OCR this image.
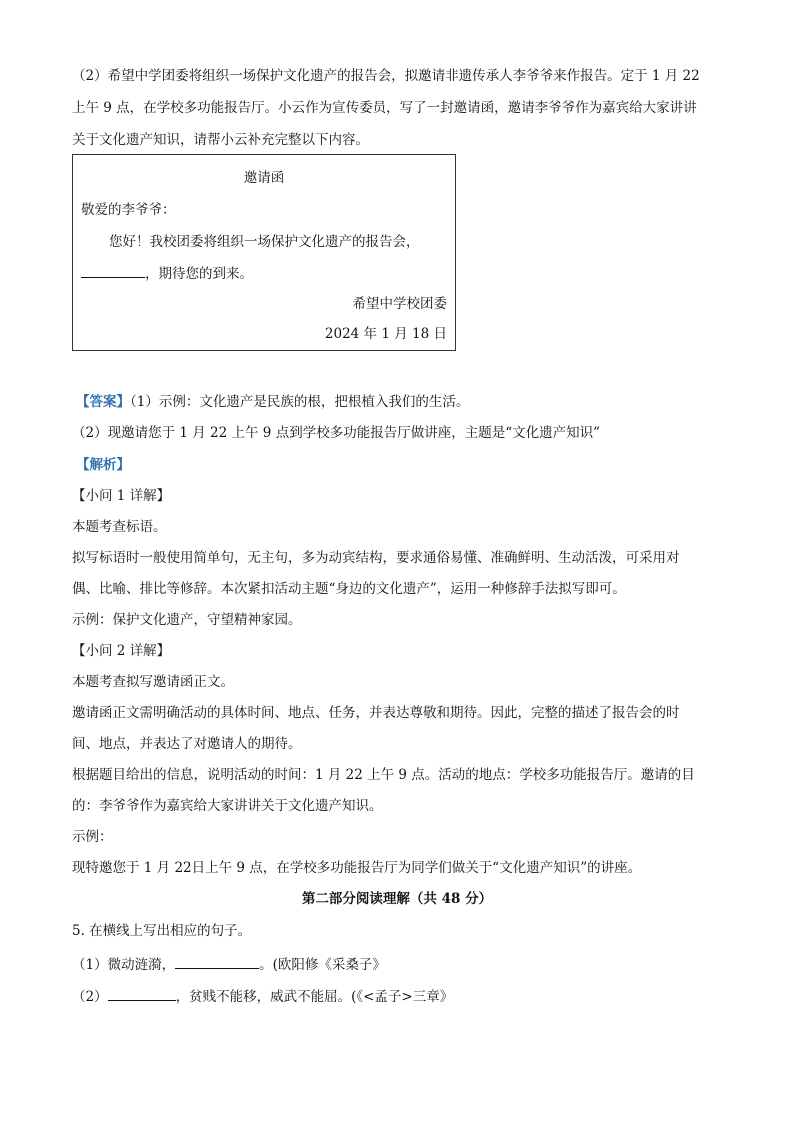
（2）希望中学团委将组织一场保护文化遗产的报告会，拟邀请非遗传承人李爷爷来作报告。定于 1 月 22
上午 9 点，在学校多功能报告厅。小云作为宣传委员，写了一封邀请函，邀请李爷爷作为嘉宾给大家讲讲
关于文化遗产知识，请帮小云补充完整以下内容。
邀请函
敬爱的李爷爷：
您好！我校团委将组织一场保护文化遗产的报告会，
，期待您的到来。
希望中学校团委
2024 年 1 月 18 日
【答案】（1）示例：文化遗产是民族的根，把根植入我们的生活。
（2）现邀请您于 1 月 22 上午 9 点到学校多功能报告厅做讲座，主题是“文化遗产知识”
【解析】
【小问 1 详解】
本题考查标语。
拟写标语时一般使用简单句，无主句，多为动宾结构，要求通俗易懂、准确鲜明、生动活泼，可采用对
偶、比喻、排比等修辞。本次紧扣活动主题“身边的文化遗产”，运用一种修辞手法拟写即可。
示例：保护文化遗产，守望精神家园。
【小问 2 详解】
本题考查拟写邀请函正文。
邀请函正文需明确活动的具体时间、地点、任务，并表达尊敬和期待。因此，完整的描述了报告会的时
间、地点，并表达了对邀请人的期待。
根据题目给出的信息，说明活动的时间：1 月 22 上午 9 点。活动的地点：学校多功能报告厅。邀请的目
的：李爷爷作为嘉宾给大家讲讲关于文化遗产知识。
示例：
现特邀您于 1 月 22日上午 9 点，在学校多功能报告厅为同学们做关于“文化遗产知识”的讲座。
第二部分阅读理解（共 48 分）
5. 在横线上写出相应的句子。
（1）微动涟漪，	。(欧阳修《采桑子》
（2）	，贫贱不能移，威武不能屈。(《<孟子>三章》
